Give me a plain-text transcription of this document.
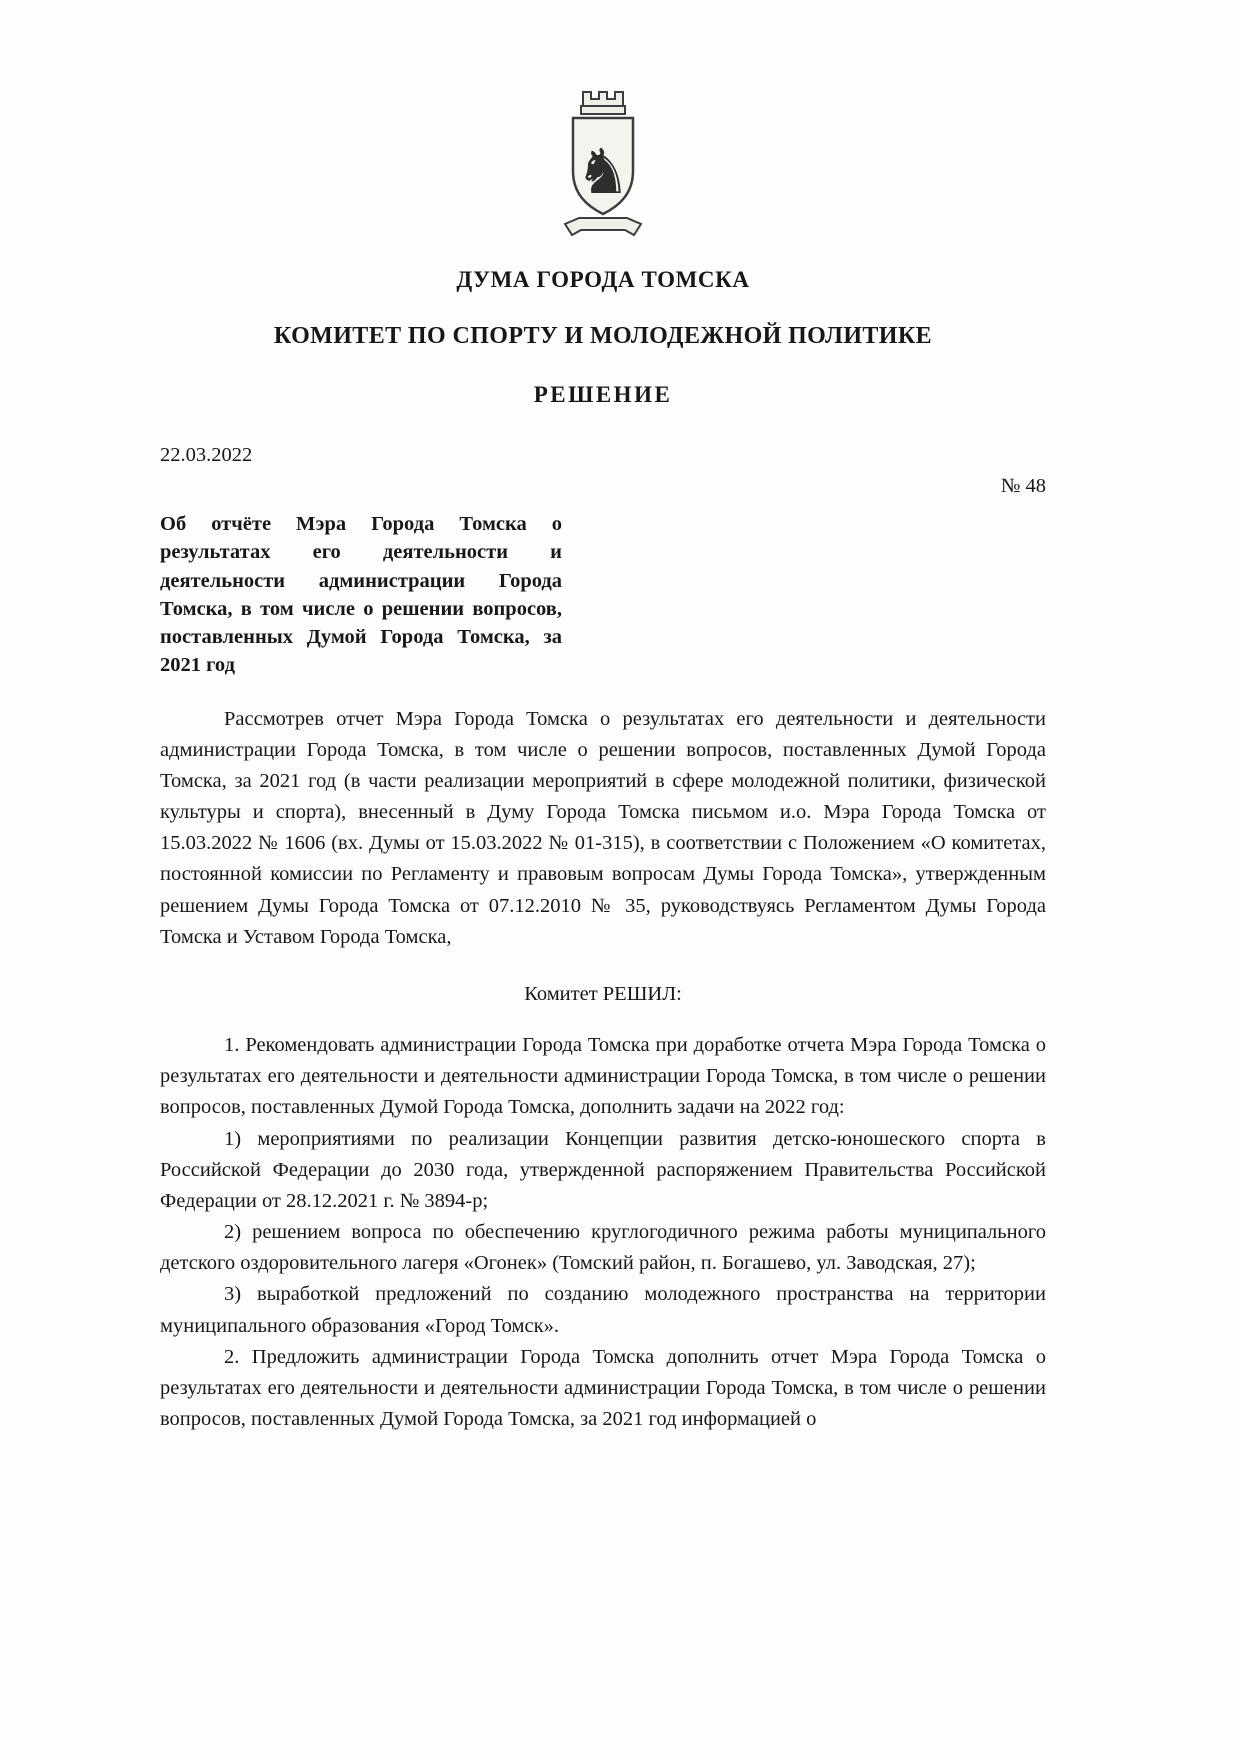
♞
ДУМА ГОРОДА ТОМСКА
КОМИТЕТ ПО СПОРТУ И МОЛОДЕЖНОЙ ПОЛИТИКЕ
РЕШЕНИЕ
22.03.2022
№ 48
Об отчёте Мэра Города Томска о результатах его деятельности и деятельности администрации Города Томска, в том числе о решении вопросов, поставленных Думой Города Томска, за 2021 год

Рассмотрев отчет Мэра Города Томска о результатах его деятельности и деятельности администрации Города Томска, в том числе о решении вопросов, поставленных Думой Города Томска, за 2021 год (в части реализации мероприятий в сфере молодежной политики, физической культуры и спорта), внесенный в Думу Города Томска письмом и.о. Мэра Города Томска от 15.03.2022 № 1606 (вх. Думы от 15.03.2022 № 01-315), в соответствии с Положением «О комитетах, постоянной комиссии по Регламенту и правовым вопросам Думы Города Томска», утвержденным решением Думы Города Томска от 07.12.2010 № 35, руководствуясь Регламентом Думы Города Томска и Уставом Города Томска,

Комитет РЕШИЛ:

1. Рекомендовать администрации Города Томска при доработке отчета Мэра Города Томска о результатах его деятельности и деятельности администрации Города Томска, в том числе о решении вопросов, поставленных Думой Города Томска, дополнить задачи на 2022 год:

1) мероприятиями по реализации Концепции развития детско-юношеского спорта в Российской Федерации до 2030 года, утвержденной распоряжением Правительства Российской Федерации от 28.12.2021 г. № 3894-р;

2) решением вопроса по обеспечению круглогодичного режима работы муниципального детского оздоровительного лагеря «Огонек» (Томский район, п. Богашево, ул. Заводская, 27);

3) выработкой предложений по созданию молодежного пространства на территории муниципального образования «Город Томск».

2. Предложить администрации Города Томска дополнить отчет Мэра Города Томска о результатах его деятельности и деятельности администрации Города Томска, в том числе о решении вопросов, поставленных Думой Города Томска, за 2021 год информацией о
